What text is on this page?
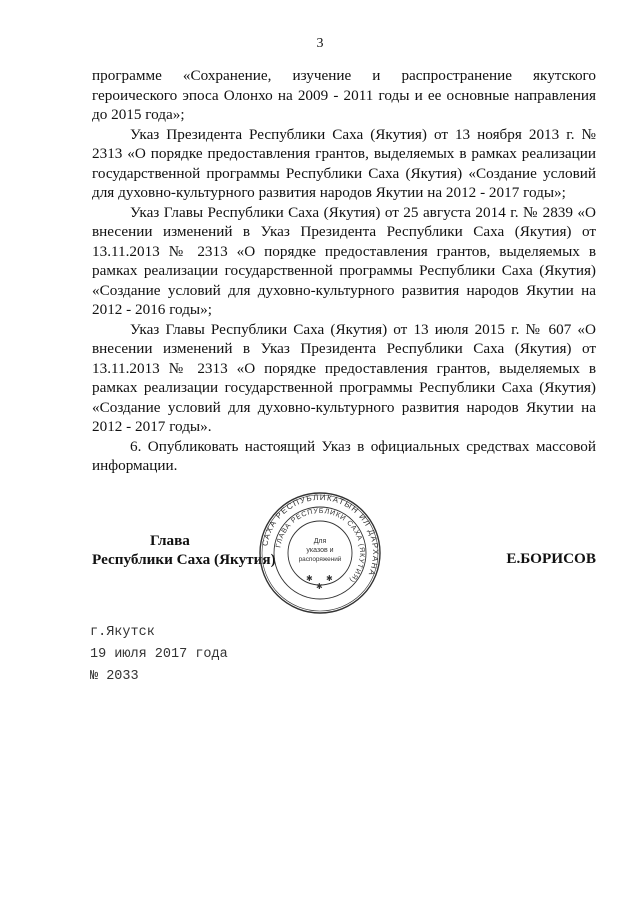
3

программе «Сохранение, изучение и распространение якутского героического эпоса Олонхо на 2009 - 2011 годы и ее основные направления до 2015 года»;

Указ Президента Республики Саха (Якутия) от 13 ноября 2013 г. № 2313 «О порядке предоставления грантов, выделяемых в рамках реализации государственной программы Республики Саха (Якутия) «Создание условий для духовно-культурного развития народов Якутии на 2012 - 2017 годы»;

Указ Главы Республики Саха (Якутия) от 25 августа 2014 г. № 2839 «О внесении изменений в Указ Президента Республики Саха (Якутия) от 13.11.2013 № 2313 «О порядке предоставления грантов, выделяемых в рамках реализации государственной программы Республики Саха (Якутия) «Создание условий для духовно-культурного развития народов Якутии на 2012 - 2016 годы»;

Указ Главы Республики Саха (Якутия) от 13 июля 2015 г. № 607 «О внесении изменений в Указ Президента Республики Саха (Якутия) от 13.11.2013 № 2313 «О порядке предоставления грантов, выделяемых в рамках реализации государственной программы Республики Саха (Якутия) «Создание условий для духовно-культурного развития народов Якутии на 2012 - 2017 годы».

6. Опубликовать настоящий Указ в официальных средствах массовой информации.

Глава
Республики Саха (Якутия)	Е.БОРИСОВ
САХА РЕСПУБЛИКАТЫН ИЛ ДАРХАНА
ГЛАВА РЕСПУБЛИКИ САХА (ЯКУТИЯ)
Для
указов и
распоряжений
✱
✱
✱
г.Якутск
19 июля 2017 года
№ 2033
